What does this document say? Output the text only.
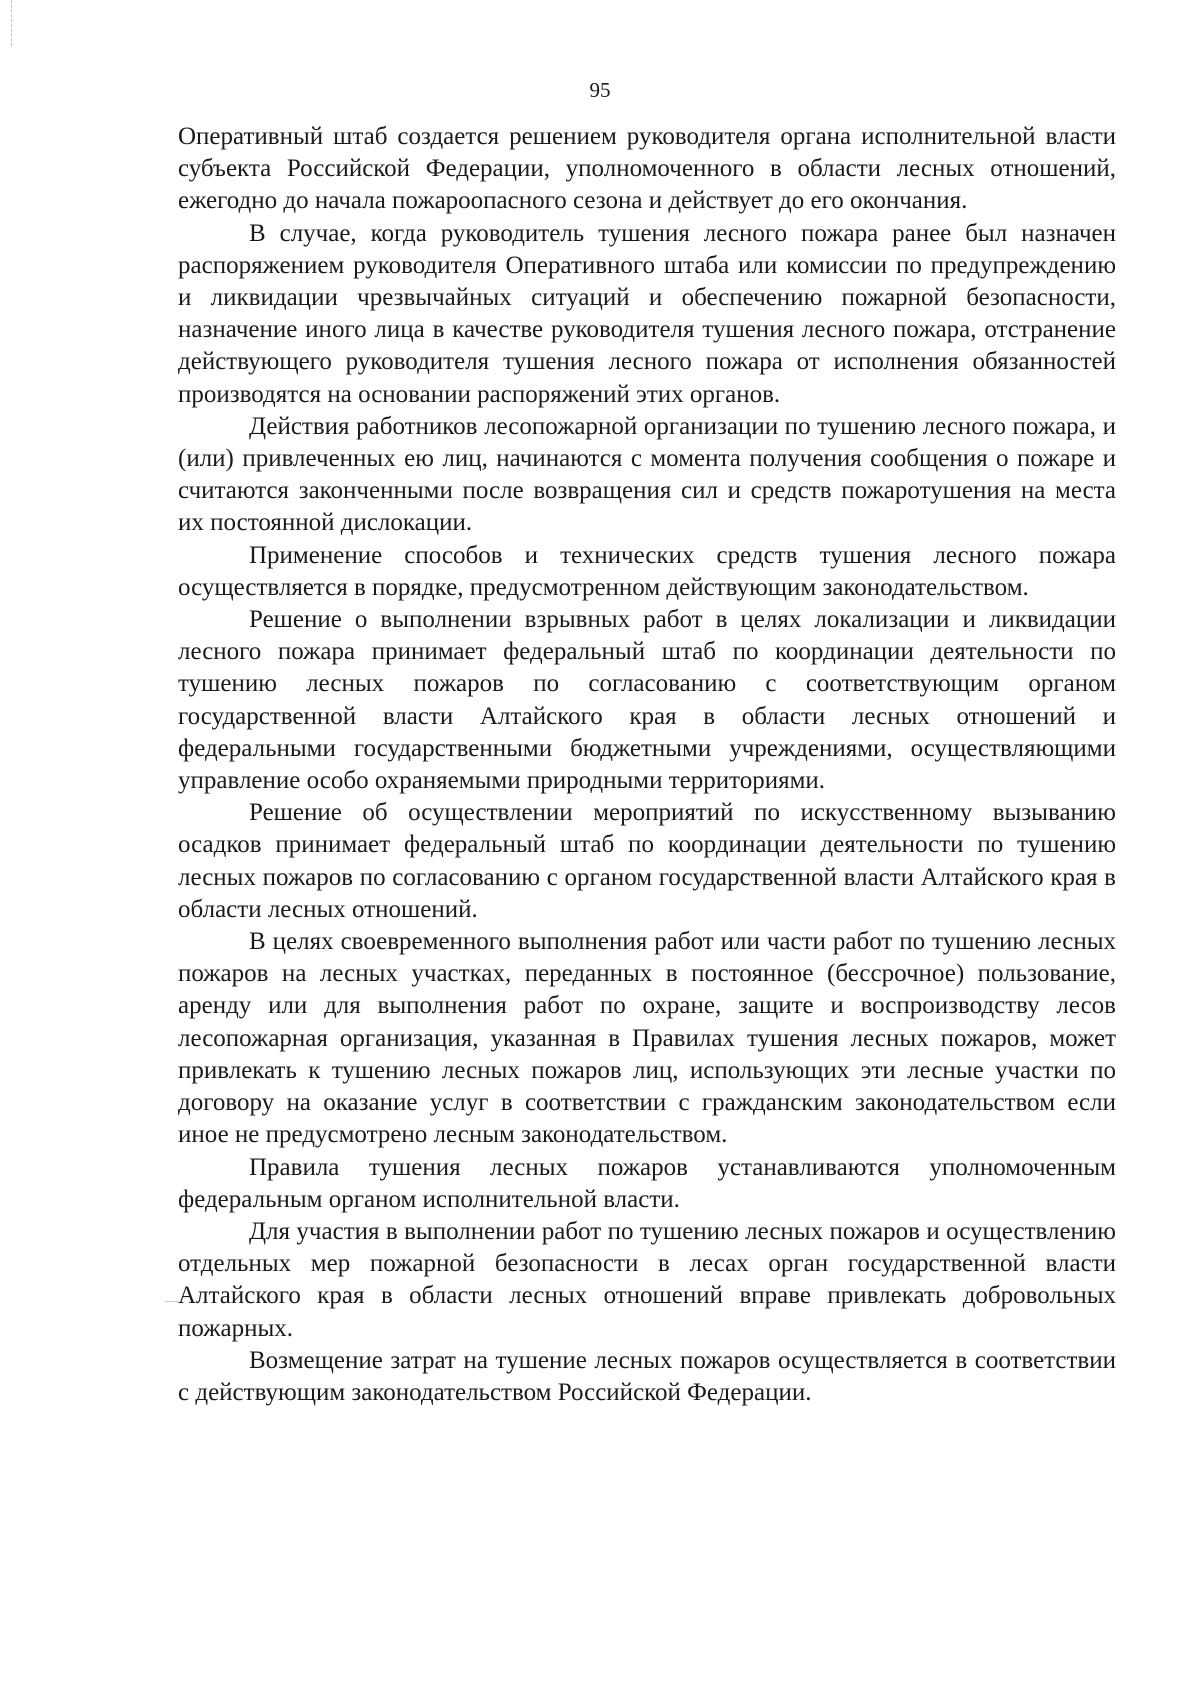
95

Оперативный штаб создается решением руководителя органа исполнительной власти субъекта Российской Федерации, уполномоченного в области лесных отношений, ежегодно до начала пожароопасного сезона и действует до его окончания.

В случае, когда руководитель тушения лесного пожара ранее был назначен распоряжением руководителя Оперативного штаба или комиссии по предупреждению и ликвидации чрезвычайных ситуаций и обеспечению пожарной безопасности, назначение иного лица в качестве руководителя тушения лесного пожара, отстранение действующего руководителя тушения лесного пожара от исполнения обязанностей производятся на основании распоряжений этих органов.

Действия работников лесопожарной организации по тушению лесного пожара, и (или) привлеченных ею лиц, начинаются с момента получения сообщения о пожаре и считаются законченными после возвращения сил и средств пожаротушения на места их постоянной дислокации.

Применение способов и технических средств тушения лесного пожара осуществляется в порядке, предусмотренном действующим законодательством.

Решение о выполнении взрывных работ в целях локализации и ликвидации лесного пожара принимает федеральный штаб по координации деятельности по тушению лесных пожаров по согласованию с соответствующим органом государственной власти Алтайского края в области лесных отношений и федеральными государственными бюджетными учреждениями, осуществляющими управление особо охраняемыми природными территориями.

Решение об осуществлении мероприятий по искусственному вызыванию осадков принимает федеральный штаб по координации деятельности по тушению лесных пожаров по согласованию с органом государственной власти Алтайского края в области лесных отношений.

В целях своевременного выполнения работ или части работ по тушению лесных пожаров на лесных участках, переданных в постоянное (бессрочное) пользование, аренду или для выполнения работ по охране, защите и воспроизводству лесов лесопожарная организация, указанная в Правилах тушения лесных пожаров, может привлекать к тушению лесных пожаров лиц, использующих эти лесные участки по договору на оказание услуг в соответствии с гражданским законодательством если иное не предусмотрено лесным законодательством.

Правила тушения лесных пожаров устанавливаются уполномоченным федеральным органом исполнительной власти.

Для участия в выполнении работ по тушению лесных пожаров и осуществлению отдельных мер пожарной безопасности в лесах орган государственной власти Алтайского края в области лесных отношений вправе привлекать добровольных пожарных.

Возмещение затрат на тушение лесных пожаров осуществляется в соответствии с действующим законодательством Российской Федерации.
